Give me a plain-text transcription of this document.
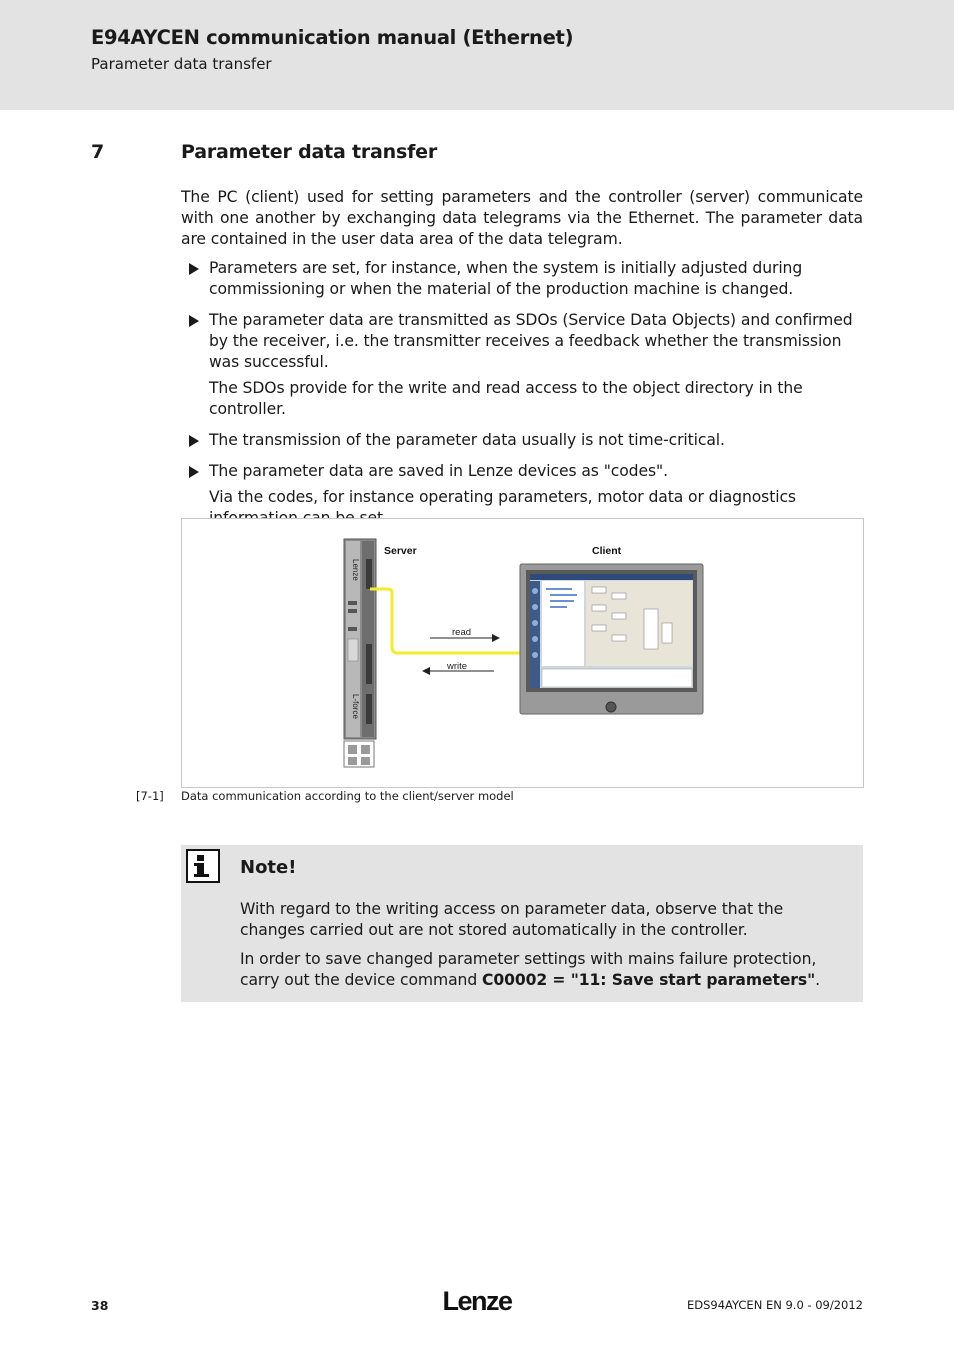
E94AYCEN communication manual (Ethernet)
Parameter data transfer
7	Parameter data transfer
The PC (client) used for setting parameters and the controller (server) communicate with one another by exchanging data telegrams via the Ethernet. The parameter data are contained in the user data area of the data telegram.
Parameters are set, for instance, when the system is initially adjusted during commissioning or when the material of the production machine is changed.
The parameter data are transmitted as SDOs (Service Data Objects) and confirmed by the receiver, i.e. the transmitter receives a feedback whether the transmission was successful.
The SDOs provide for the write and read access to the object directory in the controller.
The transmission of the parameter data usually is not time-critical.
The parameter data are saved in Lenze devices as "codes".
Via the codes, for instance operating parameters, motor data or diagnostics
Lenze
L-force
Server
read
write
Client
[7-1] Data communication according to the client/server model
Note!
With regard to the writing access on parameter data, observe that the changes carried out are not stored automatically in the controller.
In order to save changed parameter settings with mains failure protection, carry out the device command C00002 = "11: Save start parameters".
38	Lenze	EDS94AYCEN EN 9.0 - 09/2012
